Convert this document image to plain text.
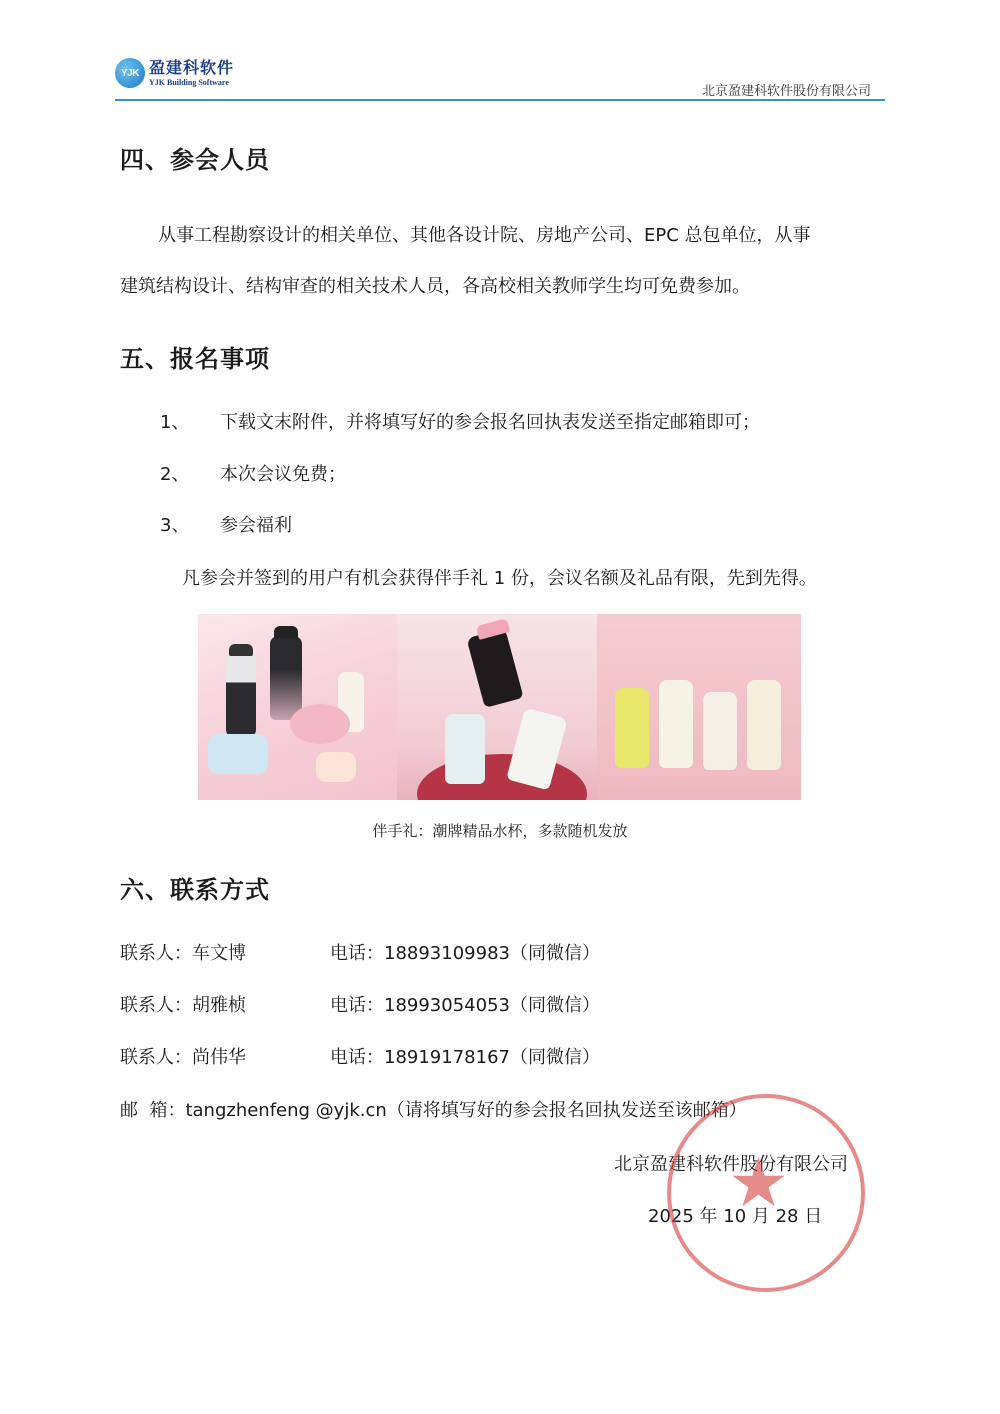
YJK 盈建科软件
YJK Building Software
北京盈建科软件股份有限公司
四、参会人员
从事工程勘察设计的相关单位、其他各设计院、房地产公司、EPC 总包单位，从事
建筑结构设计、结构审查的相关技术人员，各高校相关教师学生均可免费参加。
五、报名事项
1、 下载文末附件，并将填写好的参会报名回执表发送至指定邮箱即可；
2、 本次会议免费；
3、 参会福利
凡参会并签到的用户有机会获得伴手礼 1 份，会议名额及礼品有限，先到先得。
伴手礼：潮牌精品水杯，多款随机发放
六、联系方式
联系人：车文博	电话：18893109983（同微信）
联系人：胡雅桢	电话：18993054053（同微信）
联系人：尚伟华	电话：18919178167（同微信）
邮  箱：tangzhenfeng @yjk.cn（请将填写好的参会报名回执发送至该邮箱）
北京盈建科软件股份有限公司
2025 年 10 月 28 日
★
